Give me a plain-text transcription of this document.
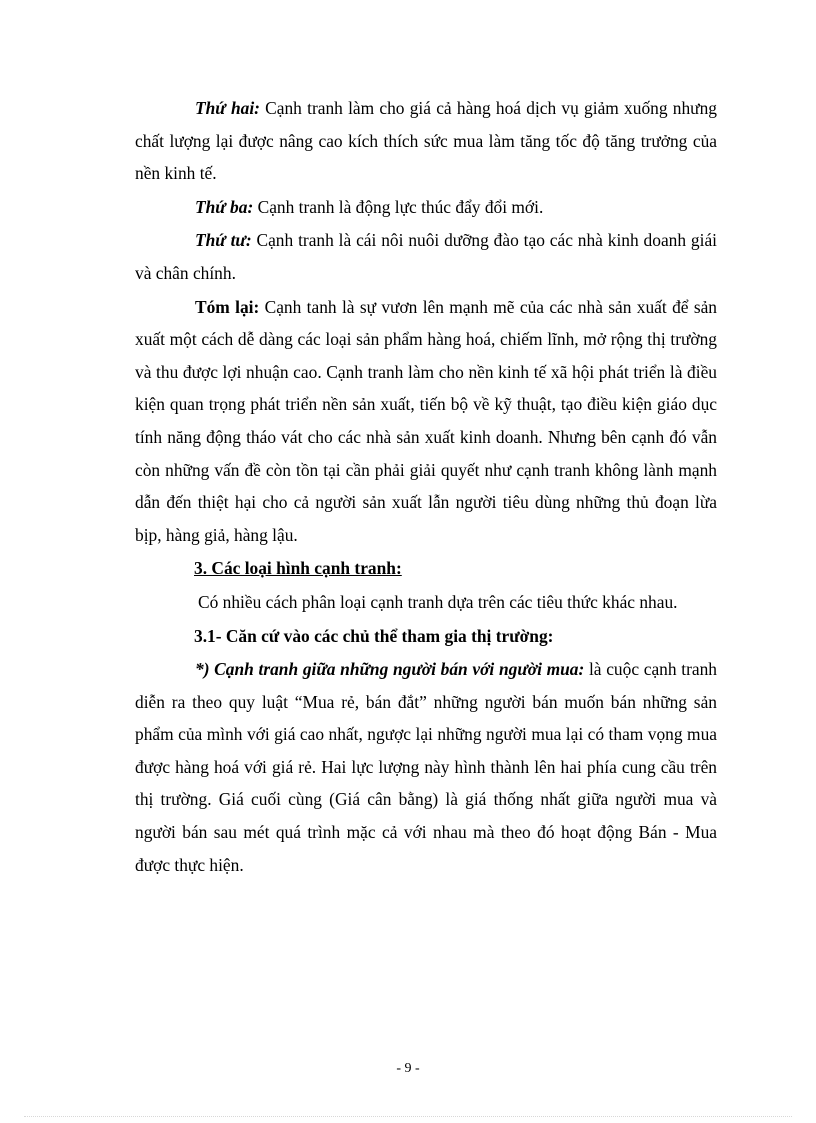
Thứ hai: Cạnh tranh làm cho giá cả hàng hoá dịch vụ giảm xuống nhưng chất lượng lại được nâng cao kích thích sức mua làm tăng tốc độ tăng trưởng của nền kinh tế.

Thứ ba: Cạnh tranh là động lực thúc đẩy đổi mới.

Thứ tư: Cạnh tranh là cái nôi nuôi dưỡng đào tạo các nhà kinh doanh giái và chân chính.

Tóm lại: Cạnh tanh là sự vươn lên mạnh mẽ của các nhà sản xuất để sản xuất một cách dễ dàng các loại sản phẩm hàng hoá, chiếm lĩnh, mở rộng thị trường và thu được lợi nhuận cao. Cạnh tranh làm cho nền kinh tế xã hội phát triển là điều kiện quan trọng phát triển nền sản xuất, tiến bộ về kỹ thuật, tạo điều kiện giáo dục tính năng động tháo vát cho các nhà sản xuất kinh doanh. Nhưng bên cạnh đó vẫn còn những vấn đề còn tồn tại cần phải giải quyết như cạnh tranh không lành mạnh dẫn đến thiệt hại cho cả người sản xuất lẫn người tiêu dùng những thủ đoạn lừa bịp, hàng giả, hàng lậu.

3. Các loại hình cạnh tranh:

Có nhiều cách phân loại cạnh tranh dựa trên các tiêu thức khác nhau.

3.1- Căn cứ vào các chủ thể tham gia thị trường:

*) Cạnh tranh giữa những người bán với người mua: là cuộc cạnh tranh diễn ra theo quy luật “Mua rẻ, bán đắt” những người bán muốn bán những sản phẩm của mình với giá cao nhất, ngược lại những người mua lại có tham vọng mua được hàng hoá với giá rẻ. Hai lực lượng này hình thành lên hai phía cung cầu trên thị trường. Giá cuối cùng (Giá cân bằng) là giá thống nhất giữa người mua và người bán sau mét quá trình mặc cả với nhau mà theo đó hoạt động Bán - Mua được thực hiện.

- 9 -
